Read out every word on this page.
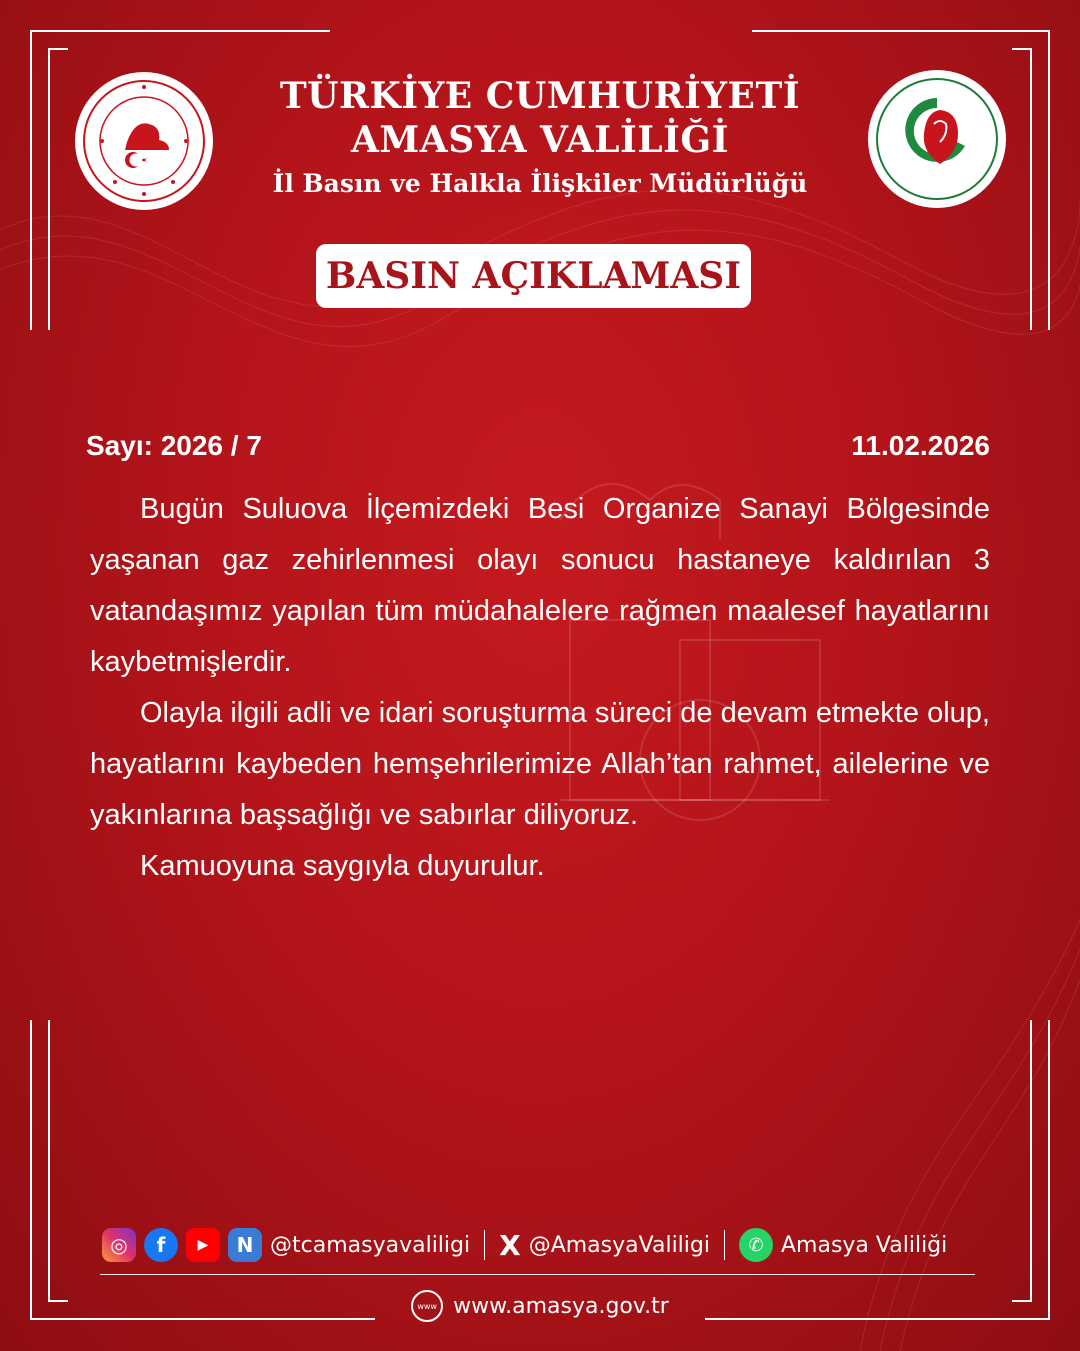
TÜRKİYE CUMHURİYETİ
AMASYA VALİLİĞİ
İl Basın ve Halkla İlişkiler Müdürlüğü
BASIN AÇIKLAMASI
Sayı: 2026 / 7	11.02.2026

Bugün Suluova İlçemizdeki Besi Organize Sanayi Bölgesinde yaşanan gaz zehirlenmesi olayı sonucu hastaneye kaldırılan 3 vatandaşımız yapılan tüm müdahalelere rağmen maalesef hayatlarını kaybetmişlerdir.

Olayla ilgili adli ve idari soruşturma süreci de devam etmekte olup, hayatlarını kaybeden hemşehrilerimize Allah’tan rahmet, ailelerine ve yakınlarına başsağlığı ve sabırlar diliyoruz.

Kamuoyuna saygıyla duyurulur.

◎	f	▶	N @tcamasyavaliligi X @AmasyaValiligi	✆ Amasya Valiliği
www www.amasya.gov.tr
